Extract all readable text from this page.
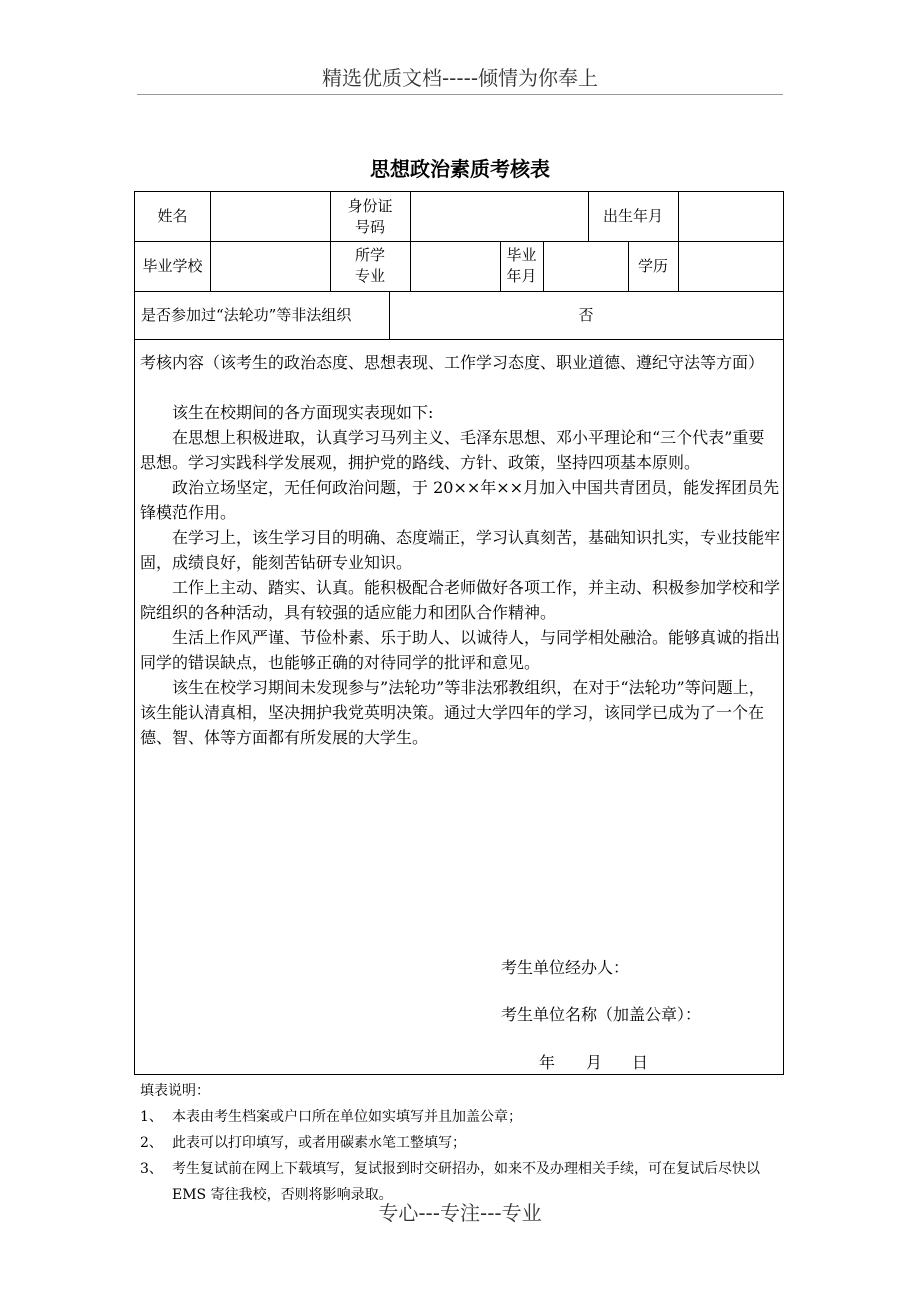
精选优质文档-----倾情为你奉上
思想政治素质考核表
姓名
身份证
号码
出生年月
毕业学校
所学
专业
毕业
年月
学历
是否参加过“法轮功”等非法组织	否

考核内容（该考生的政治态度、思想表现、工作学习态度、职业道德、遵纪守法等方面）

该生在校期间的各方面现实表现如下:

在思想上积极进取，认真学习马列主义、毛泽东思想、邓小平理论和“三个代表”重要思想。学习实践科学发展观，拥护党的路线、方针、政策，坚持四项基本原则。

政治立场坚定，无任何政治问题，于 20××年××月加入中国共青团员，能发挥团员先锋模范作用。

在学习上，该生学习目的明确、态度端正，学习认真刻苦，基础知识扎实，专业技能牢固，成绩良好，能刻苦钻研专业知识。

工作上主动、踏实、认真。能积极配合老师做好各项工作，并主动、积极参加学校和学院组织的各种活动，具有较强的适应能力和团队合作精神。

生活上作风严谨、节俭朴素、乐于助人、以诚待人，与同学相处融洽。能够真诚的指出同学的错误缺点，也能够正确的对待同学的批评和意见。

该生在校学习期间未发现参与”法轮功”等非法邪教组织，在对于“法轮功”等问题上，该生能认清真相，坚决拥护我党英明决策。通过大学四年的学习，该同学已成为了一个在德、智、体等方面都有所发展的大学生。

考生单位经办人：
考生单位名称（加盖公章）：
年 月 日
填表说明：
1、 本表由考生档案或户口所在单位如实填写并且加盖公章；
2、 此表可以打印填写，或者用碳素水笔工整填写；
3、 考生复试前在网上下载填写，复试报到时交研招办，如来不及办理相关手续，可在复试后尽快以 EMS 寄往我校，否则将影响录取。
专心---专注---专业
